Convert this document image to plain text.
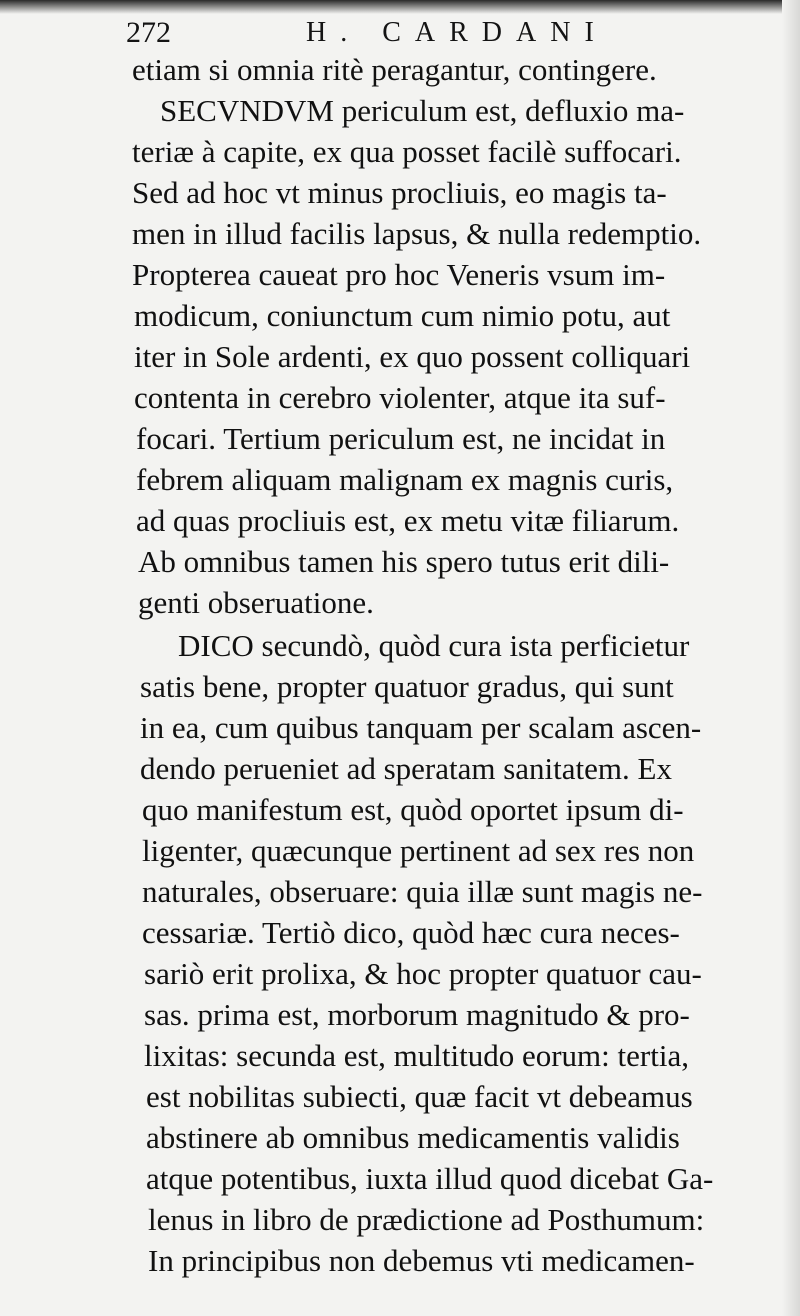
272	H. CARDANI
etiam si omnia ritè peragantur, contingere.
SECVNDVM periculum est, defluxio ma-
teriæ à capite, ex qua posset facilè suffocari.
Sed ad hoc vt minus procliuis, eo magis ta-
men in illud facilis lapsus, & nulla redemptio.
Propterea caueat pro hoc Veneris vsum im-
modicum, coniunctum cum nimio potu, aut
iter in Sole ardenti, ex quo possent colliquari
contenta in cerebro violenter, atque ita suf-
focari. Tertium periculum est, ne incidat in
febrem aliquam malignam ex magnis curis,
ad quas procliuis est, ex metu vitæ filiarum.
Ab omnibus tamen his spero tutus erit dili-
genti obseruatione.
DICO secundò, quòd cura ista perficietur
satis bene, propter quatuor gradus, qui sunt
in ea, cum quibus tanquam per scalam ascen-
dendo perueniet ad speratam sanitatem. Ex
quo manifestum est, quòd oportet ipsum di-
ligenter, quæcunque pertinent ad sex res non
naturales, obseruare: quia illæ sunt magis ne-
cessariæ. Tertiò dico, quòd hæc cura neces-
sariò erit prolixa, & hoc propter quatuor cau-
sas. prima est, morborum magnitudo & pro-
lixitas: secunda est, multitudo eorum: tertia,
est nobilitas subiecti, quæ facit vt debeamus
abstinere ab omnibus medicamentis validis
atque potentibus, iuxta illud quod dicebat Ga-
lenus in libro de prædictione ad Posthumum:
In principibus non debemus vti medicamen-
